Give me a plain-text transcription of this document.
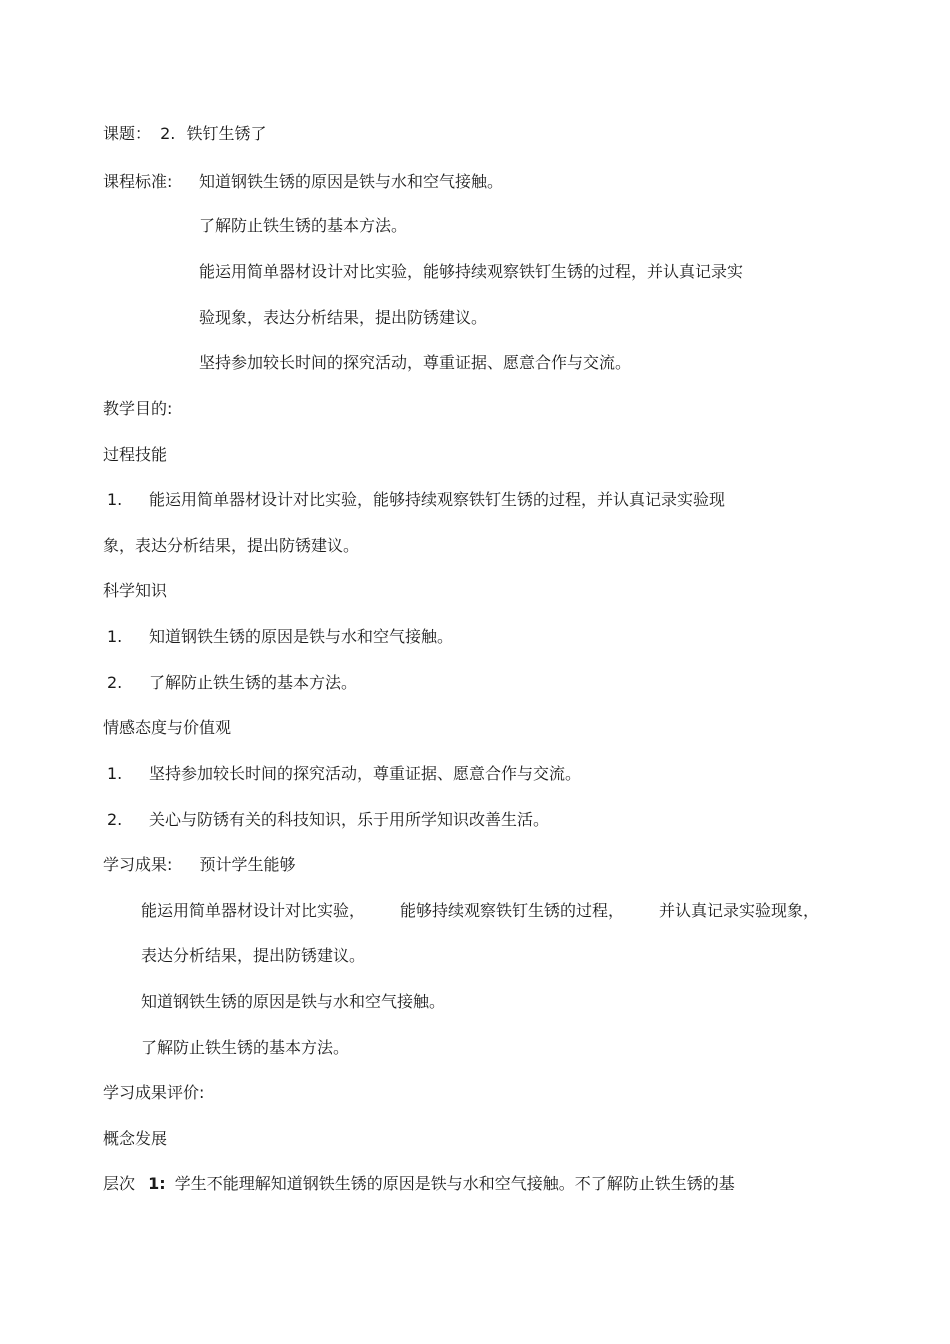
课题： 2. 铁钉生锈了
课程标准: 知道钢铁生锈的原因是铁与水和空气接触。
了解防止铁生锈的基本方法。
能运用简单器材设计对比实验，能够持续观察铁钉生锈的过程，并认真记录实
验现象，表达分析结果，提出防锈建议。
坚持参加较长时间的探究活动，尊重证据、愿意合作与交流。
教学目的:
过程技能
1. 能运用简单器材设计对比实验，能够持续观察铁钉生锈的过程，并认真记录实验现
象，表达分析结果，提出防锈建议。
科学知识
1. 知道钢铁生锈的原因是铁与水和空气接触。
2. 了解防止铁生锈的基本方法。
情感态度与价值观
1. 坚持参加较长时间的探究活动，尊重证据、愿意合作与交流。
2. 关心与防锈有关的科技知识，乐于用所学知识改善生活。
学习成果: 预计学生能够
能运用简单器材设计对比实验， 能够持续观察铁钉生锈的过程， 并认真记录实验现象，
表达分析结果，提出防锈建议。
知道钢铁生锈的原因是铁与水和空气接触。
了解防止铁生锈的基本方法。
学习成果评价:
概念发展
层次 1: 学生不能理解知道钢铁生锈的原因是铁与水和空气接触。不了解防止铁生锈的基
